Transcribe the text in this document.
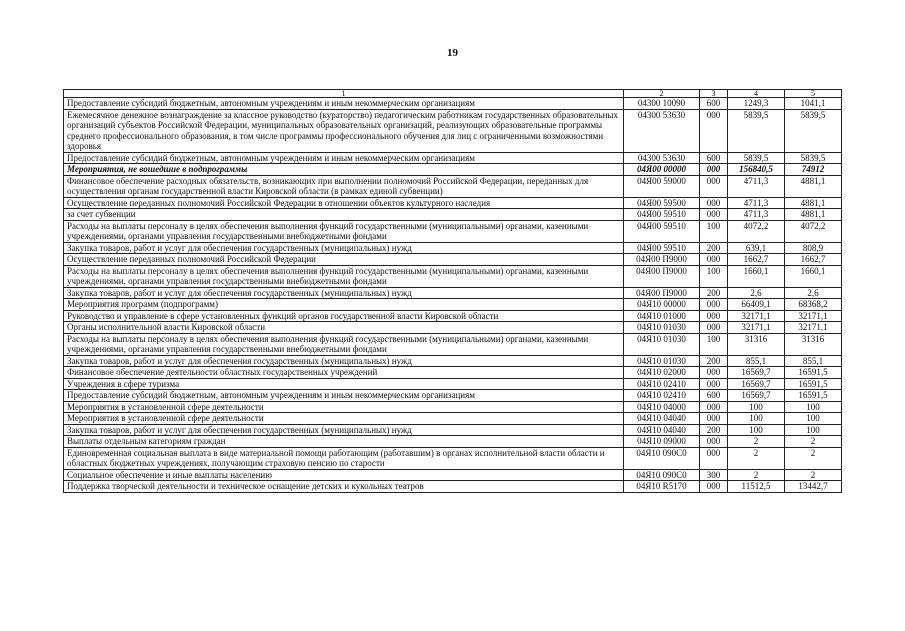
19
1	2	3	4	5
Предоставление субсидий бюджетным, автономным учреждениям и иным некоммерческим организациям	04300 10090	600	1249,3	1041,1
Ежемесячное денежное вознаграждение за классное руководство (кураторство) педагогическим работникам государственных образовательных организаций субъектов Российской Федерации, муниципальных образовательных организаций, реализующих образовательные программы среднего профессионального образования, в том числе программы профессионального обучения для лиц с ограниченными возможностями здоровья	04300 53630	000	5839,5	5839,5
Предоставление субсидий бюджетным, автономным учреждениям и иным некоммерческим организациям	04300 53630	600	5839,5	5839,5
Мероприятия, не вошедшие в подпрограммы	04Я00 00000	000	156840,5	74912
Финансовое обеспечение расходных обязательств, возникающих при выполнении полномочий Российской Федерации, переданных для осуществления органам государственной власти Кировской области (в рамках единой субвенции)	04Я00 59000	000	4711,3	4881,1
Осуществление переданных полномочий Российской Федерации в отношении объектов культурного наследия	04Я00 59500	000	4711,3	4881,1
за счет субвенции	04Я00 59510	000	4711,3	4881,1
Расходы на выплаты персоналу в целях обеспечения выполнения функций государственными (муниципальными) органами, казенными учреждениями, органами управления государственными внебюджетными фондами	04Я00 59510	100	4072,2	4072,2
Закупка товаров, работ и услуг для обеспечения государственных (муниципальных) нужд	04Я00 59510	200	639,1	808,9
Осуществление переданных полномочий Российской Федерации	04Я00 П9000	000	1662,7	1662,7
Расходы на выплаты персоналу в целях обеспечения выполнения функций государственными (муниципальными) органами, казенными учреждениями, органами управления государственными внебюджетными фондами	04Я00 П9000	100	1660,1	1660,1
Закупка товаров, работ и услуг для обеспечения государственных (муниципальных) нужд	04Я00 П9000	200	2,6	2,6
Мероприятия программ (подпрограмм)	04Я10 00000	000	66409,1	68368,2
Руководство и управление в сфере установленных функций органов государственной власти Кировской области	04Я10 01000	000	32171,1	32171,1
Органы исполнительной власти Кировской области	04Я10 01030	000	32171,1	32171,1
Расходы на выплаты персоналу в целях обеспечения выполнения функций государственными (муниципальными) органами, казенными учреждениями, органами управления государственными внебюджетными фондами	04Я10 01030	100	31316	31316
Закупка товаров, работ и услуг для обеспечения государственных (муниципальных) нужд	04Я10 01030	200	855,1	855,1
Финансовое обеспечение деятельности областных государственных учреждений	04Я10 02000	000	16569,7	16591,5
Учреждения в сфере туризма	04Я10 02410	000	16569,7	16591,5
Предоставление субсидий бюджетным, автономным учреждениям и иным некоммерческим организациям	04Я10 02410	600	16569,7	16591,5
Мероприятия в установленной сфере деятельности	04Я10 04000	000	100	100
Мероприятия в установленной сфере деятельности	04Я10 04040	000	100	100
Закупка товаров, работ и услуг для обеспечения государственных (муниципальных) нужд	04Я10 04040	200	100	100
Выплаты отдельным категориям граждан	04Я10 09000	000	2	2
Единовременная социальная выплата в виде материальной помощи работающим (работавшим) в органах исполнительной власти области и областных бюджетных учреждениях, получающим страховую пенсию по старости	04Я10 090С0	000	2	2
Социальное обеспечение и иные выплаты населению	04Я10 090С0	300	2	2
Поддержка творческой деятельности и техническое оснащение детских и кукольных театров	04Я10 R5170	000	11512,5	13442,7
